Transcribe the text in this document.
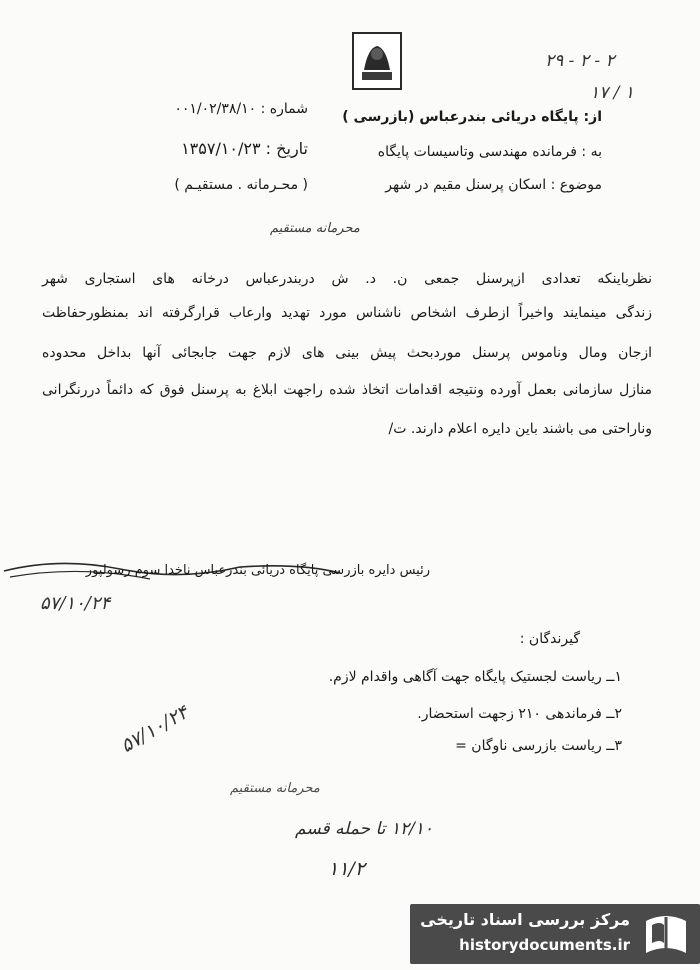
۲۹ - ۲ - ۲
۱۷ / ۱
از: پایگاه دریائی بندرعباس (بازرسی )
به : فرمانده مهندسی وتاسیسات پایگاه
موضوع : اسکان پرسنل مقیم در شهر
شماره : ۰۰۱/۰۲/۳۸/۱۰
تاریخ : ۱۳۵۷/۱۰/۲۳
( محـرمانه . مستقیـم )
محرمانه مستقیم
نظرباینکه تعدادی ازپرسنل جمعی ن. د. ش دربندرعباس درخانه های استجاری شهر
زندگی مینمایند واخیراً ازطرف اشخاص ناشناس مورد تهدید وارعاب قرارگرفته اند بمنظورحفاظت
ازجان ومال وناموس پرسنل موردبحث پیش بینی های لازم جهت جابجائی آنها بداخل محدوده
منازل سازمانی بعمل آورده ونتیجه اقدامات اتخاذ شده راجهت ابلاغ به پرسنل فوق که دائماً دررنگرانی
وناراحتی می باشند باین دایره اعلام دارند. ت/
رئیس دایره بازرسی پایگاه دریائی بندرعباس ناخدا سوم رسولپور
۵۷/۱۰/۲۴
گیرندگان :
۱ــ ریاست لجستیک پایگاه جهت آگاهی واقدام لازم.
۲ــ فرماندهی ۲۱۰ زجهت استحضار.
۳ــ ریاست بازرسی ناوگان =
۵۷/۱۰/۲۴
محرمانه مستقیم
۱۲/۱۰ تا حمله قسم
۱۱/۲
مرکز بررسی اسناد تاریخی
historydocuments.ir
